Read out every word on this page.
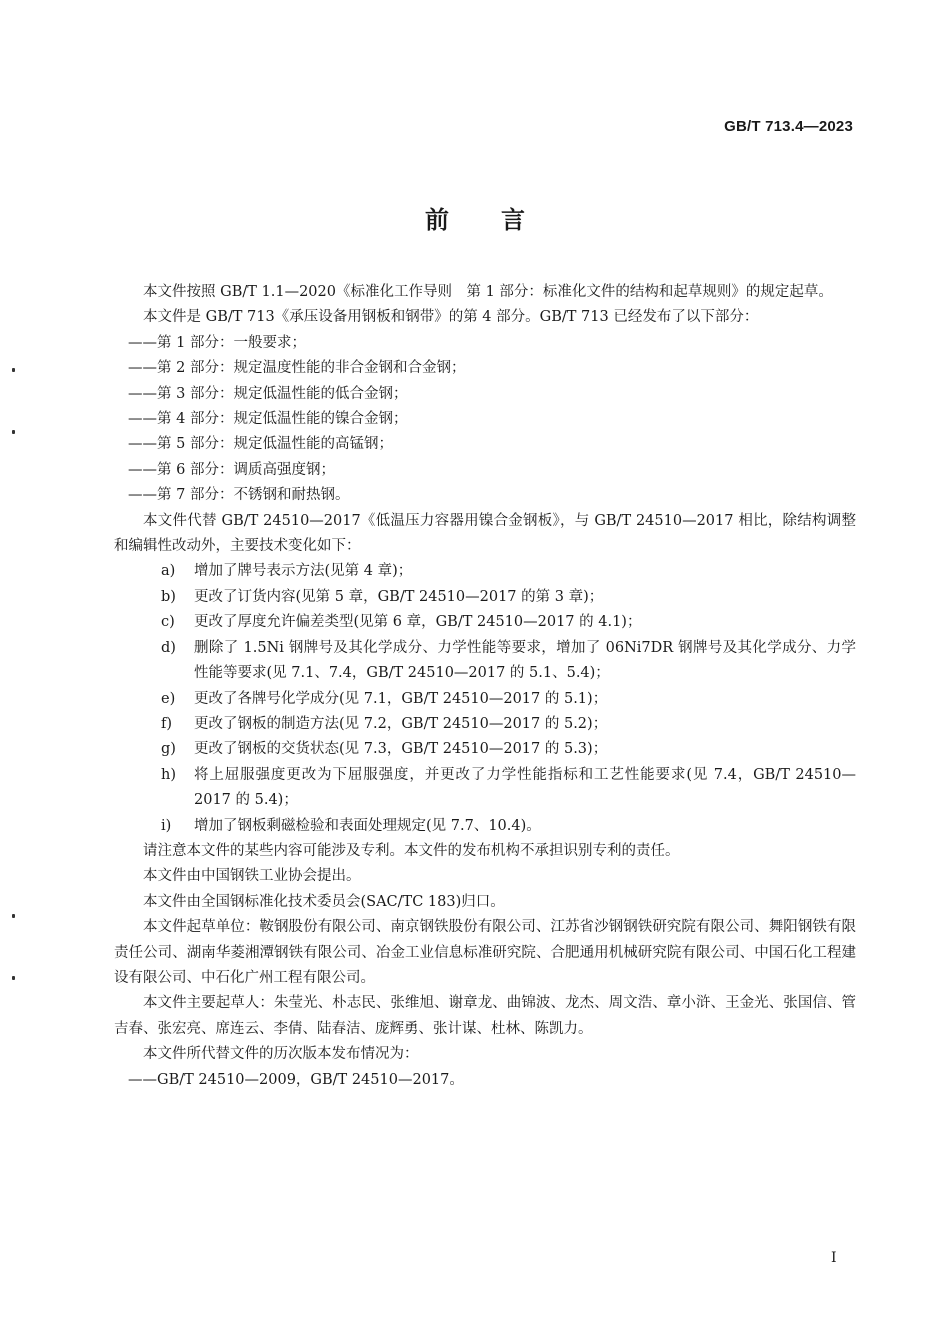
GB/T 713.4—2023
前言

本文件按照 GB/T 1.1—2020《标准化工作导则　第 1 部分：标准化文件的结构和起草规则》的规定起草。

本文件是 GB/T 713《承压设备用钢板和钢带》的第 4 部分。GB/T 713 已经发布了以下部分：

——第 1 部分：一般要求；

——第 2 部分：规定温度性能的非合金钢和合金钢；

——第 3 部分：规定低温性能的低合金钢；

——第 4 部分：规定低温性能的镍合金钢；

——第 5 部分：规定低温性能的高锰钢；

——第 6 部分：调质高强度钢；

——第 7 部分：不锈钢和耐热钢。

本文件代替 GB/T 24510—2017《低温压力容器用镍合金钢板》，与 GB/T 24510—2017 相比，除结构调整和编辑性改动外，主要技术变化如下：

a)	增加了牌号表示方法(见第 4 章)；
b)	更改了订货内容(见第 5 章，GB/T 24510—2017 的第 3 章)；
c)	更改了厚度允许偏差类型(见第 6 章，GB/T 24510—2017 的 4.1)；
d)	删除了 1.5Ni 钢牌号及其化学成分、力学性能等要求，增加了 06Ni7DR 钢牌号及其化学成分、力学性能等要求(见 7.1、7.4，GB/T 24510—2017 的 5.1、5.4)；
e)	更改了各牌号化学成分(见 7.1，GB/T 24510—2017 的 5.1)；
f)	更改了钢板的制造方法(见 7.2，GB/T 24510—2017 的 5.2)；
g)	更改了钢板的交货状态(见 7.3，GB/T 24510—2017 的 5.3)；
h)	将上屈服强度更改为下屈服强度，并更改了力学性能指标和工艺性能要求(见 7.4，GB/T 24510—2017 的 5.4)；
i)	增加了钢板剩磁检验和表面处理规定(见 7.7、10.4)。

请注意本文件的某些内容可能涉及专利。本文件的发布机构不承担识别专利的责任。

本文件由中国钢铁工业协会提出。

本文件由全国钢标准化技术委员会(SAC/TC 183)归口。

本文件起草单位：鞍钢股份有限公司、南京钢铁股份有限公司、江苏省沙钢钢铁研究院有限公司、舞阳钢铁有限责任公司、湖南华菱湘潭钢铁有限公司、冶金工业信息标准研究院、合肥通用机械研究院有限公司、中国石化工程建设有限公司、中石化广州工程有限公司。

本文件主要起草人：朱莹光、朴志民、张维旭、谢章龙、曲锦波、龙杰、周文浩、章小浒、王金光、张国信、管吉春、张宏亮、席连云、李倩、陆春洁、庞辉勇、张计谋、杜林、陈凯力。

本文件所代替文件的历次版本发布情况为：

——GB/T 24510—2009，GB/T 24510—2017。

I
